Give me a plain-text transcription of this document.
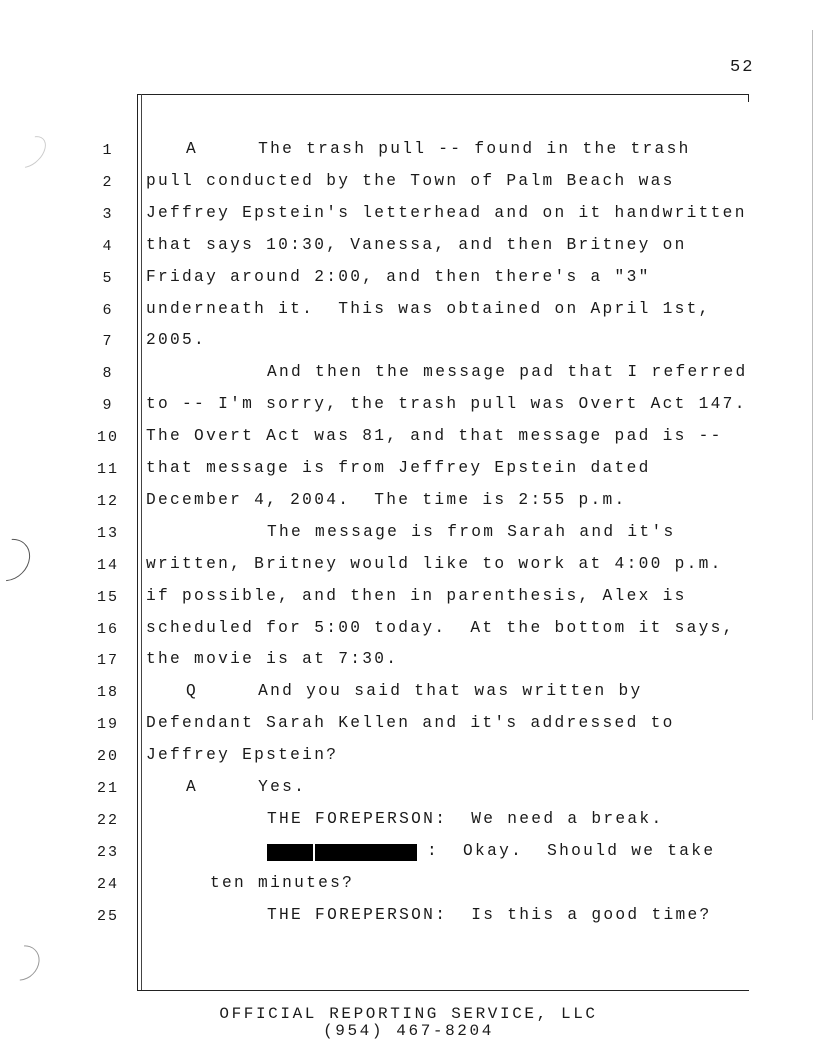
52
1	A     The trash pull -- found in the trash
2	pull conducted by the Town of Palm Beach was
3	Jeffrey Epstein's letterhead and on it handwritten
4	that says 10:30, Vanessa, and then Britney on
5	Friday around 2:00, and then there's a "3"
6	underneath it.  This was obtained on April 1st,
7	2005.
8	And then the message pad that I referred
9	to -- I'm sorry, the trash pull was Overt Act 147.
10	The Overt Act was 81, and that message pad is --
11	that message is from Jeffrey Epstein dated
12	December 4, 2004.  The time is 2:55 p.m.
13	The message is from Sarah and it's
14	written, Britney would like to work at 4:00 p.m.
15	if possible, and then in parenthesis, Alex is
16	scheduled for 5:00 today.  At the bottom it says,
17	the movie is at 7:30.
18	Q     And you said that was written by
19	Defendant Sarah Kellen and it's addressed to
20	Jeffrey Epstein?
21	A     Yes.
22	THE FOREPERSON:  We need a break.
23	:  Okay.  Should we take
24	ten minutes?
25	THE FOREPERSON:  Is this a good time?
OFFICIAL REPORTING SERVICE, LLC
(954) 467-8204
